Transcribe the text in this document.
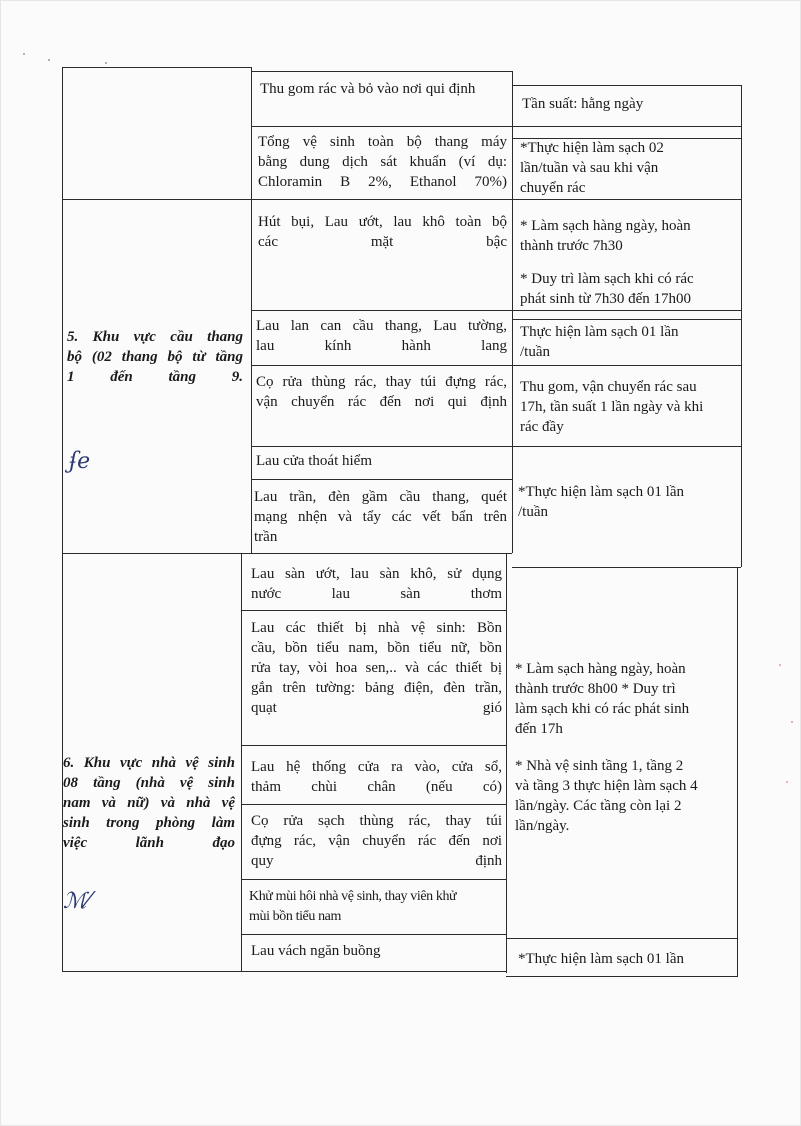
Thu gom rác và bỏ vào nơi qui định
Tần suất: hằng ngày
Tổng vệ sinh toàn bộ thang máy
bằng dung dịch sát khuẩn (ví dụ:
Chloramin B 2%, Ethanol 70%)
*Thực hiện làm sạch 02
lần/tuần và sau khi vận
chuyển rác
5. Khu vực cầu thang
bộ (02 thang bộ từ tầng
1 đến tầng 9.
ʄe
Hút bụi, Lau ướt, lau khô toàn bộ
các mặt bậc
Lau lan can cầu thang, Lau tường,
lau kính hành lang
Cọ rửa thùng rác, thay túi đựng rác,
vận chuyển rác đến nơi qui định
Lau cửa thoát hiểm
Lau trần, đèn gầm cầu thang, quét
mạng nhện và tẩy các vết bẩn trên
trần
* Làm sạch hàng ngày, hoàn
thành trước 7h30
* Duy trì làm sạch khi có rác
phát sinh từ 7h30 đến 17h00
Thực hiện làm sạch 01 lần
/tuần
Thu gom, vận chuyển rác sau
17h, tần suất 1 lần ngày và khi
rác đầy
*Thực hiện làm sạch 01 lần
/tuần
6. Khu vực nhà vệ sinh
08 tầng (nhà vệ sinh
nam và nữ) và nhà vệ
sinh trong phòng làm
việc lãnh đạo
ℳ⁄
Lau sàn ướt, lau sàn khô, sử dụng
nước lau sàn thơm
Lau các thiết bị nhà vệ sinh: Bồn
cầu, bồn tiểu nam, bồn tiểu nữ, bồn
rửa tay, vòi hoa sen,.. và các thiết bị
gắn trên tường: bảng điện, đèn trần,
quạt gió
Lau hệ thống cửa ra vào, cửa sổ,
thảm chùi chân (nếu có)
Cọ rửa sạch thùng rác, thay túi
đựng rác, vận chuyển rác đến nơi
quy định
Khử mùi hôi nhà vệ sinh, thay viên khử
mùi bồn tiểu nam
Lau vách ngăn buồng
* Làm sạch hàng ngày, hoàn
thành trước 8h00 * Duy trì
làm sạch khi có rác phát sinh
đến 17h
* Nhà vệ sinh tầng 1, tầng 2
và tầng 3 thực hiện làm sạch 4
lần/ngày. Các tầng còn lại 2
lần/ngày.
*Thực hiện làm sạch 01 lần
